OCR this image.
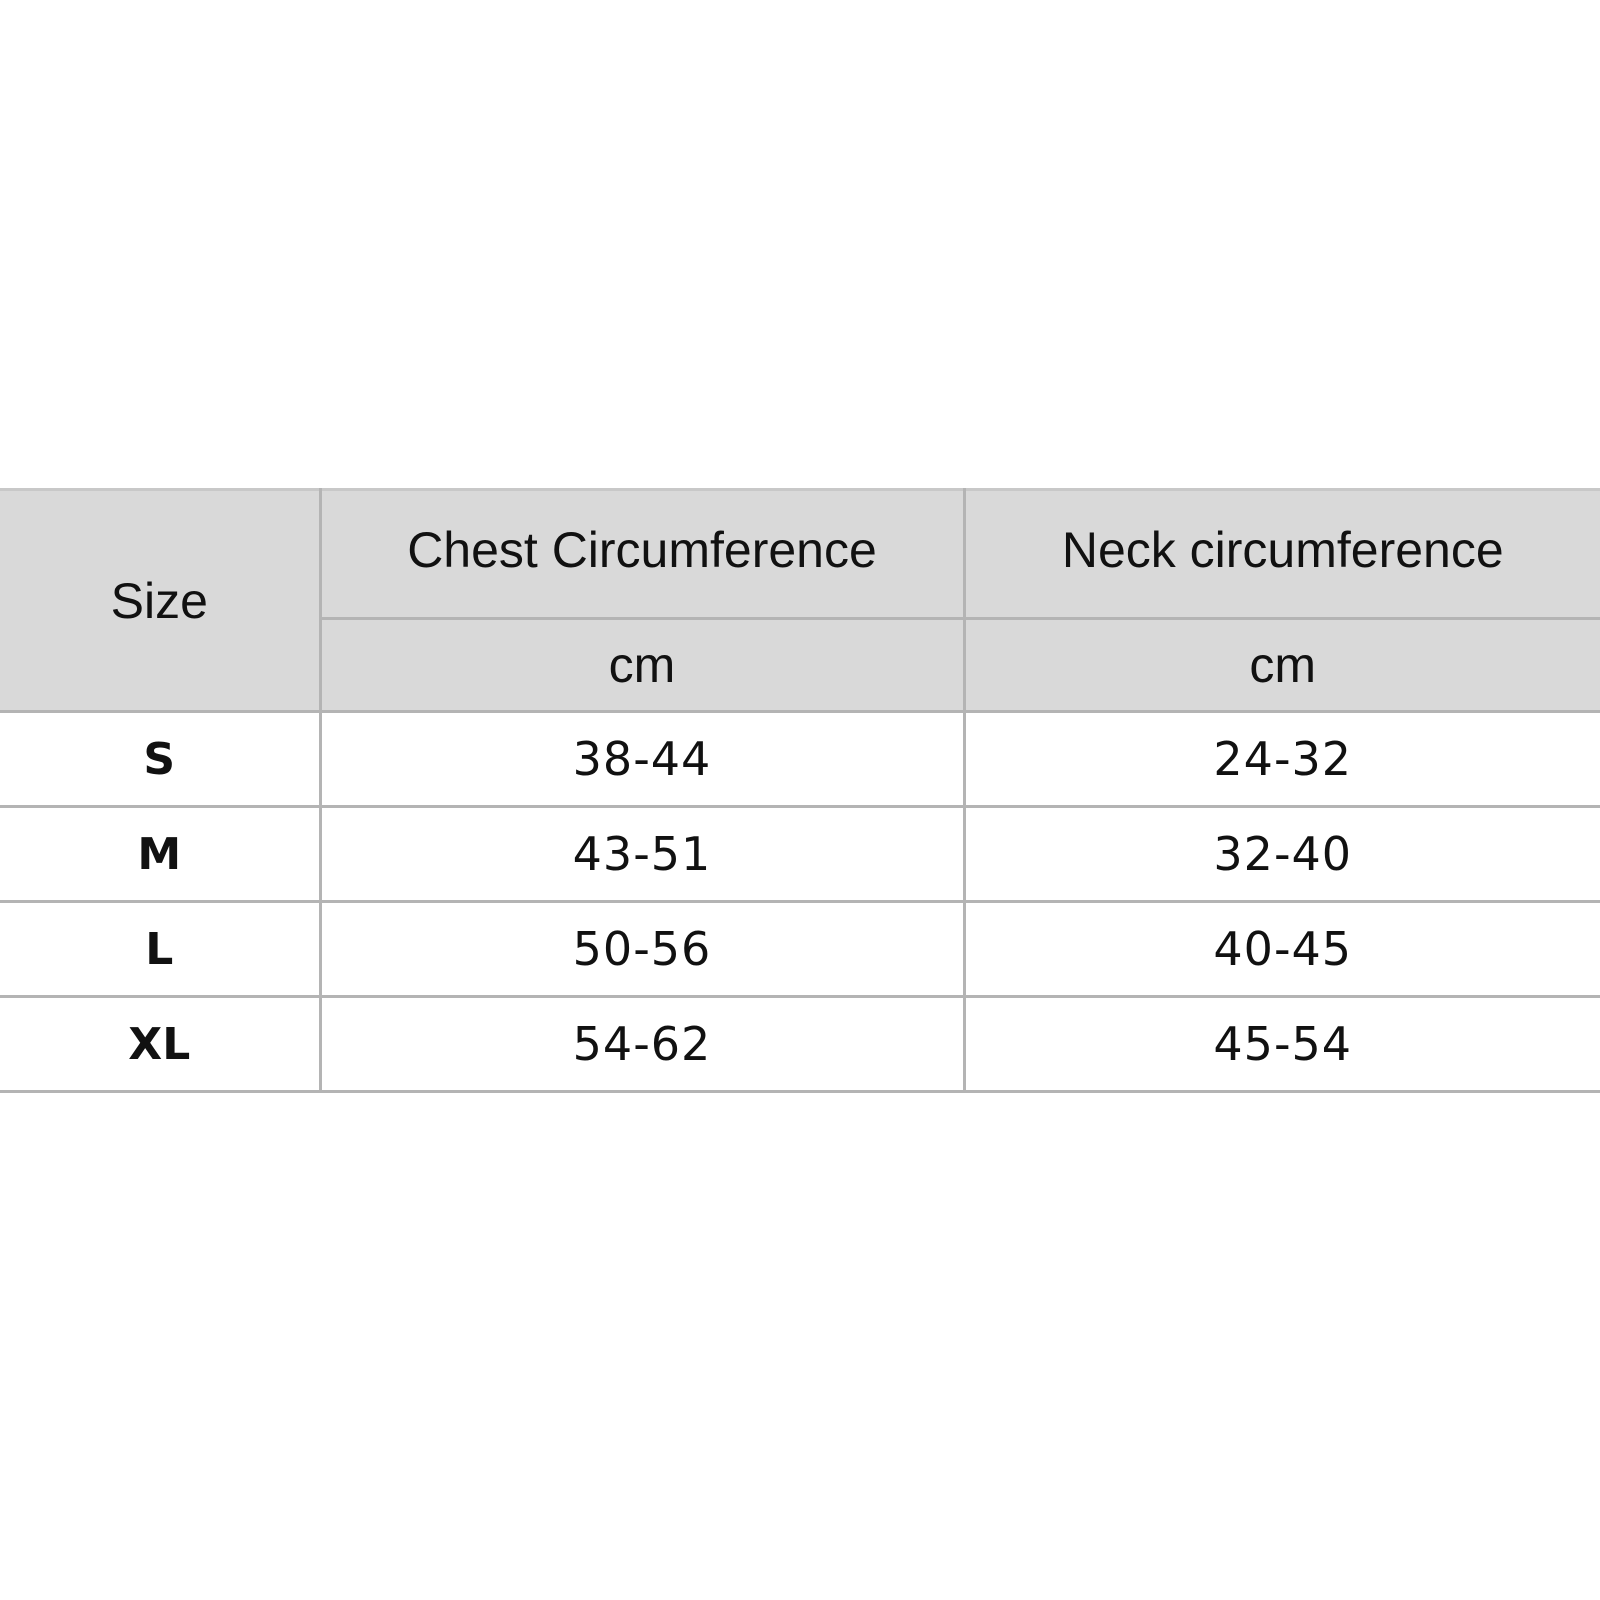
Size	Chest Circumference	Neck circumference
	cm	cm
S	38-44	24-32
M	43-51	32-40
L	50-56	40-45
XL	54-62	45-54
